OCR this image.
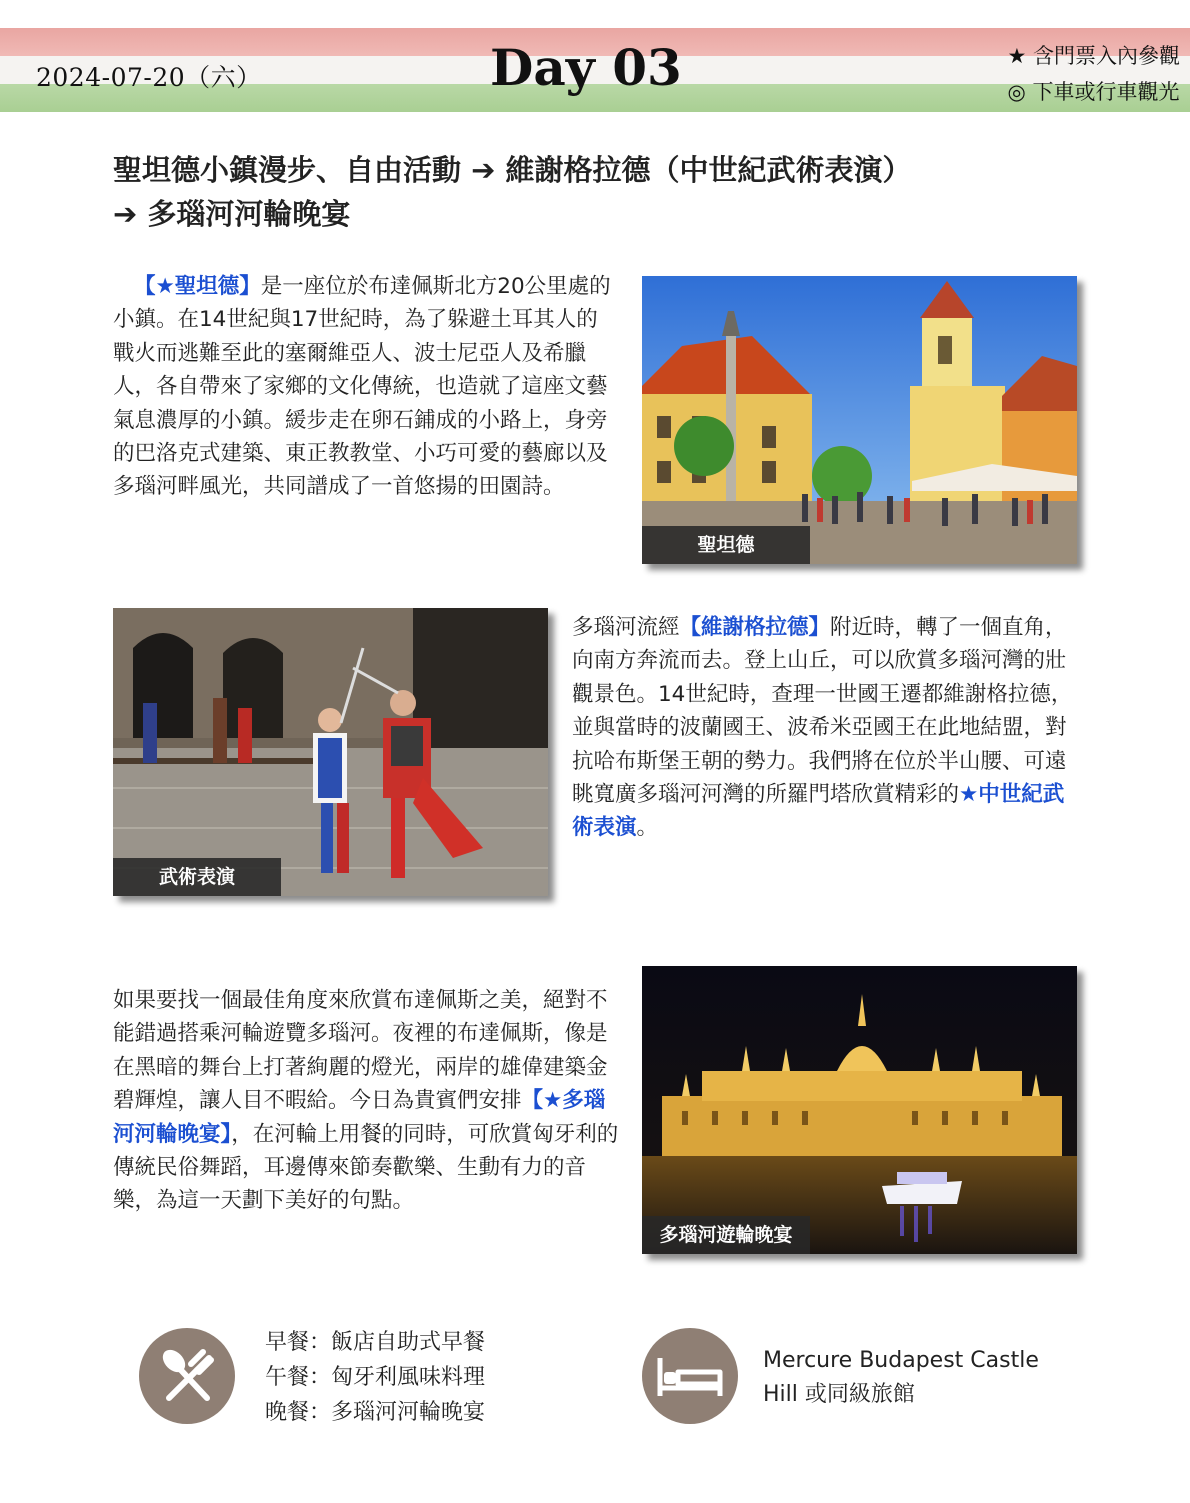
2024-07-20（六）	Day 03	★ 含門票入內參觀
◎ 下車或行車觀光
聖坦德小鎮漫步、自由活動 ➔ 維謝格拉德（中世紀武術表演）
➔ 多瑙河河輪晚宴

【★聖坦德】是一座位於布達佩斯北方20公里處的小鎮。在14世紀與17世紀時，為了躲避土耳其人的戰火而逃難至此的塞爾維亞人、波士尼亞人及希臘人，各自帶來了家鄉的文化傳統，也造就了這座文藝氣息濃厚的小鎮。緩步走在卵石鋪成的小路上，身旁的巴洛克式建築、東正教教堂、小巧可愛的藝廊以及多瑙河畔風光，共同譜成了一首悠揚的田園詩。

聖坦德
武術表演

多瑙河流經【維謝格拉德】附近時，轉了一個直角，向南方奔流而去。登上山丘，可以欣賞多瑙河灣的壯觀景色。14世紀時，查理一世國王遷都維謝格拉德，並與當時的波蘭國王、波希米亞國王在此地結盟，對抗哈布斯堡王朝的勢力。我們將在位於半山腰、可遠眺寬廣多瑙河河灣的所羅門塔欣賞精彩的★中世紀武術表演。

如果要找一個最佳角度來欣賞布達佩斯之美，絕對不能錯過搭乘河輪遊覽多瑙河。夜裡的布達佩斯，像是在黑暗的舞台上打著絢麗的燈光，兩岸的雄偉建築金碧輝煌，讓人目不暇給。今日為貴賓們安排【★多瑙河河輪晚宴】，在河輪上用餐的同時，可欣賞匈牙利的傳統民俗舞蹈，耳邊傳來節奏歡樂、生動有力的音樂，為這一天劃下美好的句點。

多瑙河遊輪晚宴
早餐：飯店自助式早餐
午餐：匈牙利風味料理
晚餐：多瑙河河輪晚宴
Mercure Budapest Castle
Hill 或同級旅館
